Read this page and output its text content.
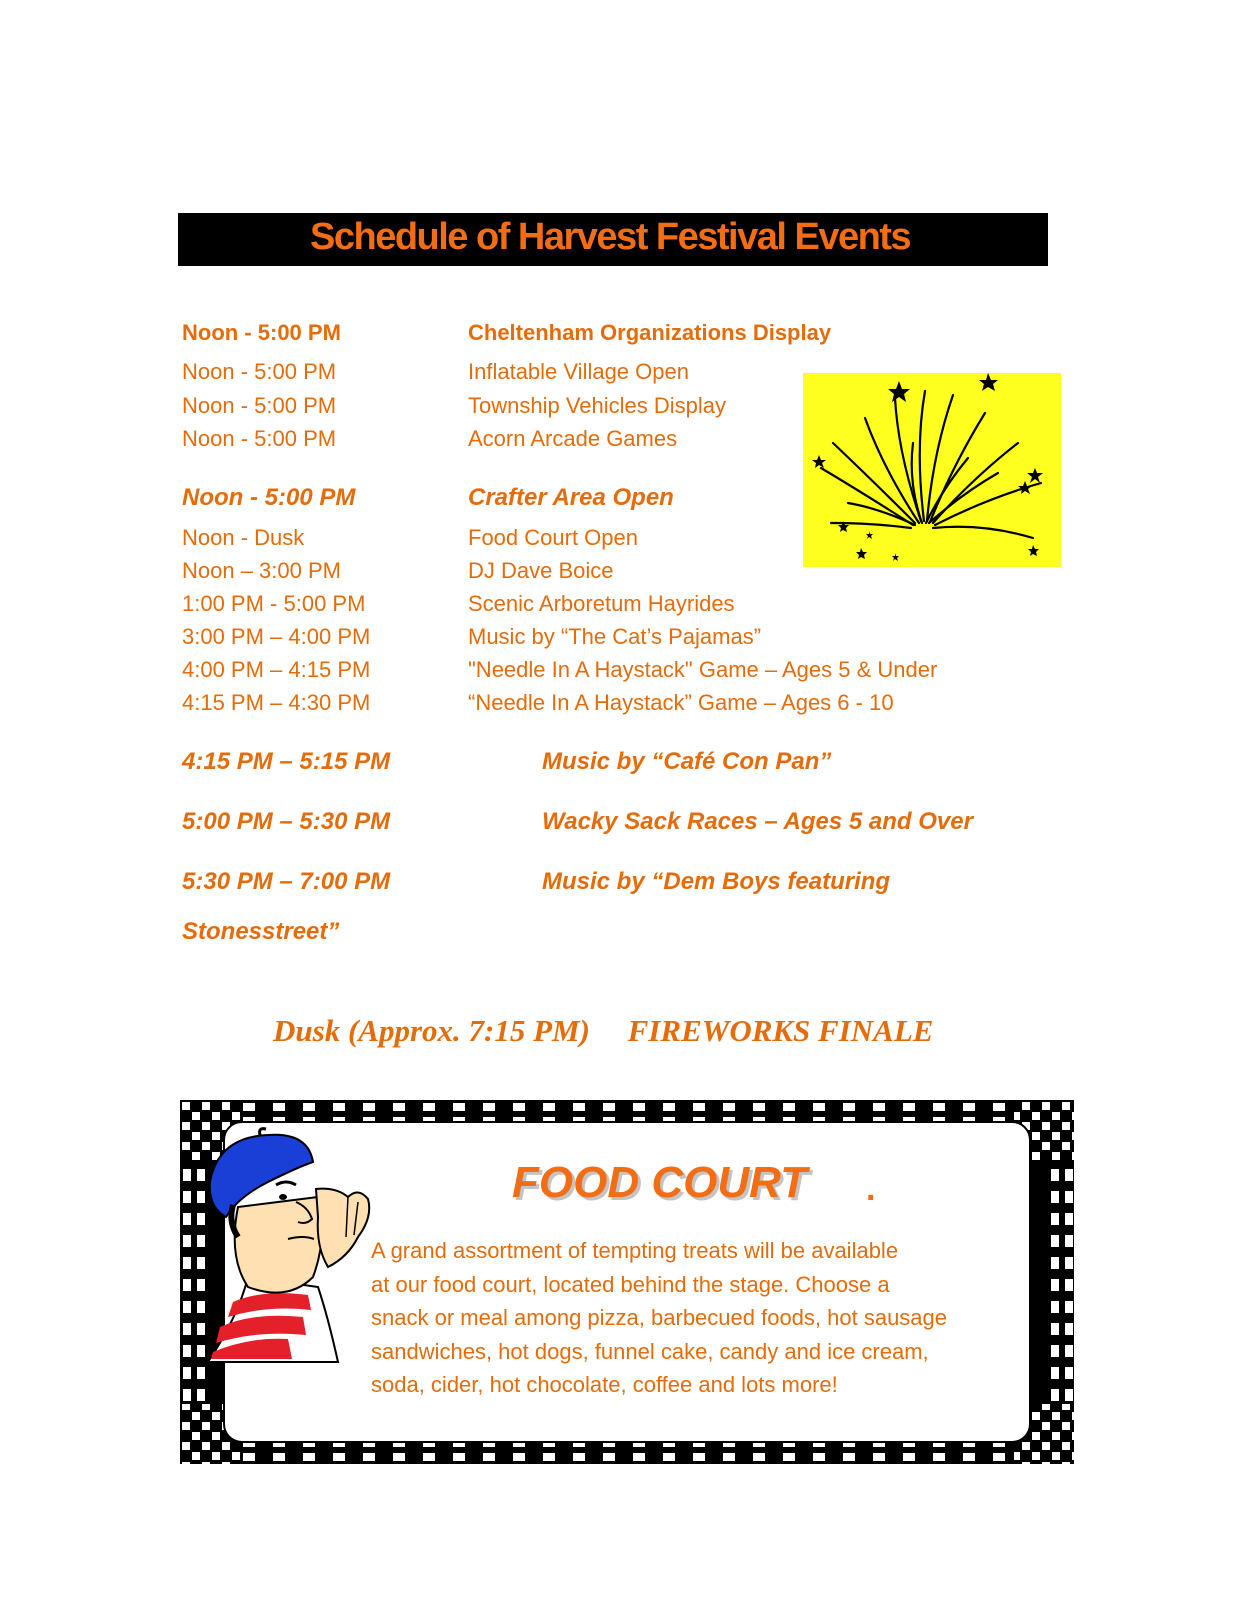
Schedule of Harvest Festival Events
Noon - 5:00 PM	Cheltenham Organizations Display
Noon - 5:00 PM	Inflatable Village Open
Noon - 5:00 PM	Township Vehicles Display
Noon - 5:00 PM	Acorn Arcade Games
Noon - 5:00 PM	Crafter Area Open
Noon - Dusk	Food Court Open
Noon – 3:00 PM	DJ Dave Boice
1:00 PM - 5:00 PM	Scenic Arboretum Hayrides
3:00 PM – 4:00 PM	Music by “The Cat’s Pajamas”
4:00 PM – 4:15 PM	"Needle In A Haystack" Game – Ages 5 & Under
4:15 PM – 4:30 PM	“Needle In A Haystack” Game – Ages 6 - 10
4:15 PM – 5:15 PM	Music by “Café Con Pan”
5:00 PM – 5:30 PM	Wacky Sack Races – Ages 5 and Over
5:30 PM – 7:00 PM	Music by “Dem Boys featuring
Stonesstreet”
Dusk (Approx. 7:15 PM) FIREWORKS FINALE
FOOD COURT .
A grand assortment of tempting treats will be available
at our food court, located behind the stage. Choose a
snack or meal among pizza, barbecued foods, hot sausage
sandwiches, hot dogs, funnel cake, candy and ice cream,
soda, cider, hot chocolate, coffee and lots more!
